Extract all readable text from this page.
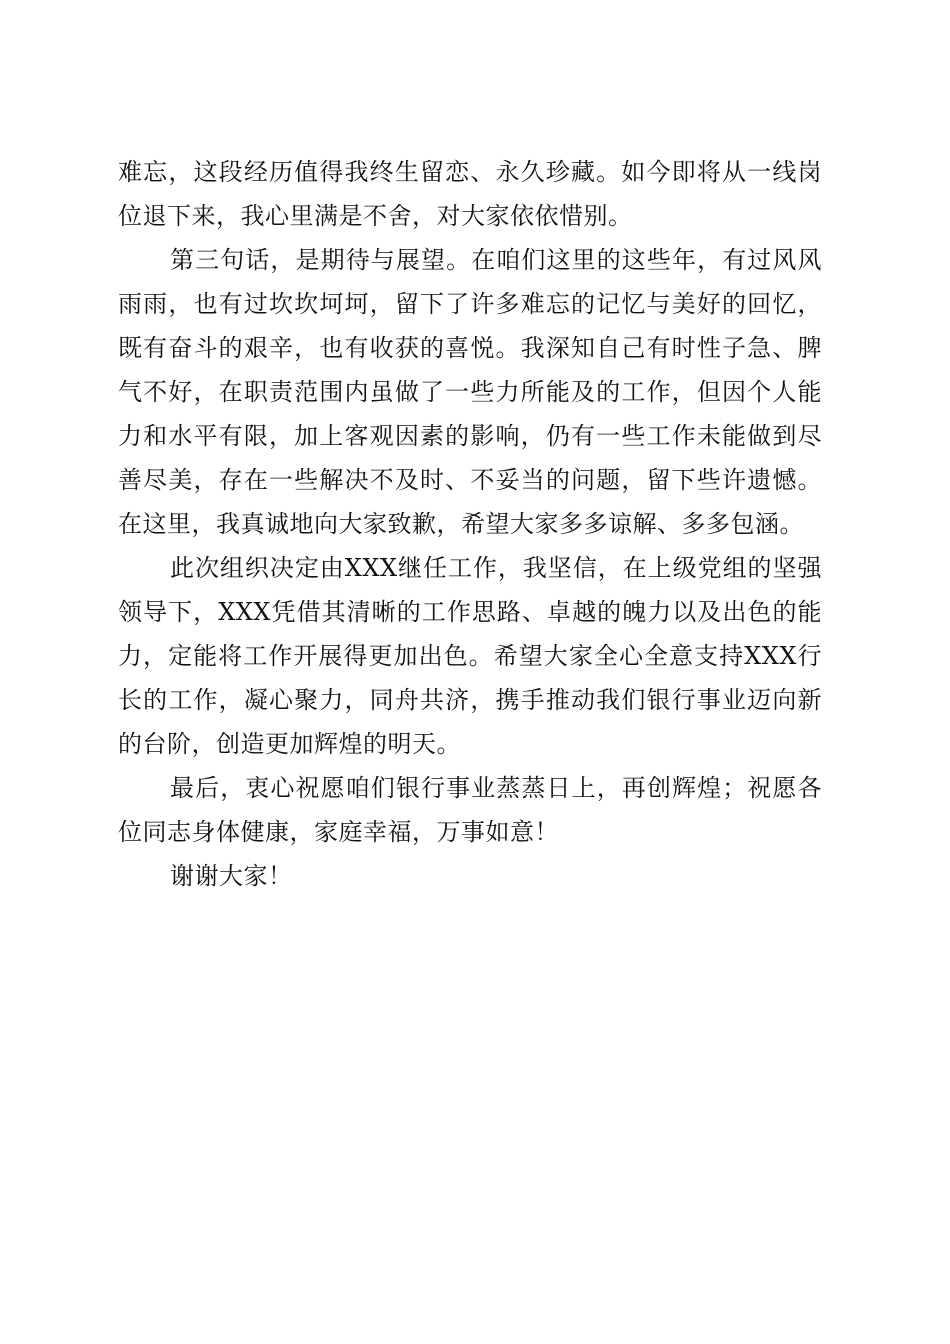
难忘，这段经历值得我终生留恋、永久珍藏。如今即将从一线岗位退下来，我心里满是不舍，对大家依依惜别。

第三句话，是期待与展望。在咱们这里的这些年，有过风风雨雨，也有过坎坎坷坷，留下了许多难忘的记忆与美好的回忆，既有奋斗的艰辛，也有收获的喜悦。我深知自己有时性子急、脾气不好，在职责范围内虽做了一些力所能及的工作，但因个人能力和水平有限，加上客观因素的影响，仍有一些工作未能做到尽善尽美，存在一些解决不及时、不妥当的问题，留下些许遗憾。在这里，我真诚地向大家致歉，希望大家多多谅解、多多包涵。

此次组织决定由XXX继任工作，我坚信，在上级党组的坚强领导下，XXX凭借其清晰的工作思路、卓越的魄力以及出色的能力，定能将工作开展得更加出色。希望大家全心全意支持XXX行长的工作，凝心聚力，同舟共济，携手推动我们银行事业迈向新的台阶，创造更加辉煌的明天。

最后，衷心祝愿咱们银行事业蒸蒸日上，再创辉煌；祝愿各位同志身体健康，家庭幸福，万事如意！

谢谢大家！
